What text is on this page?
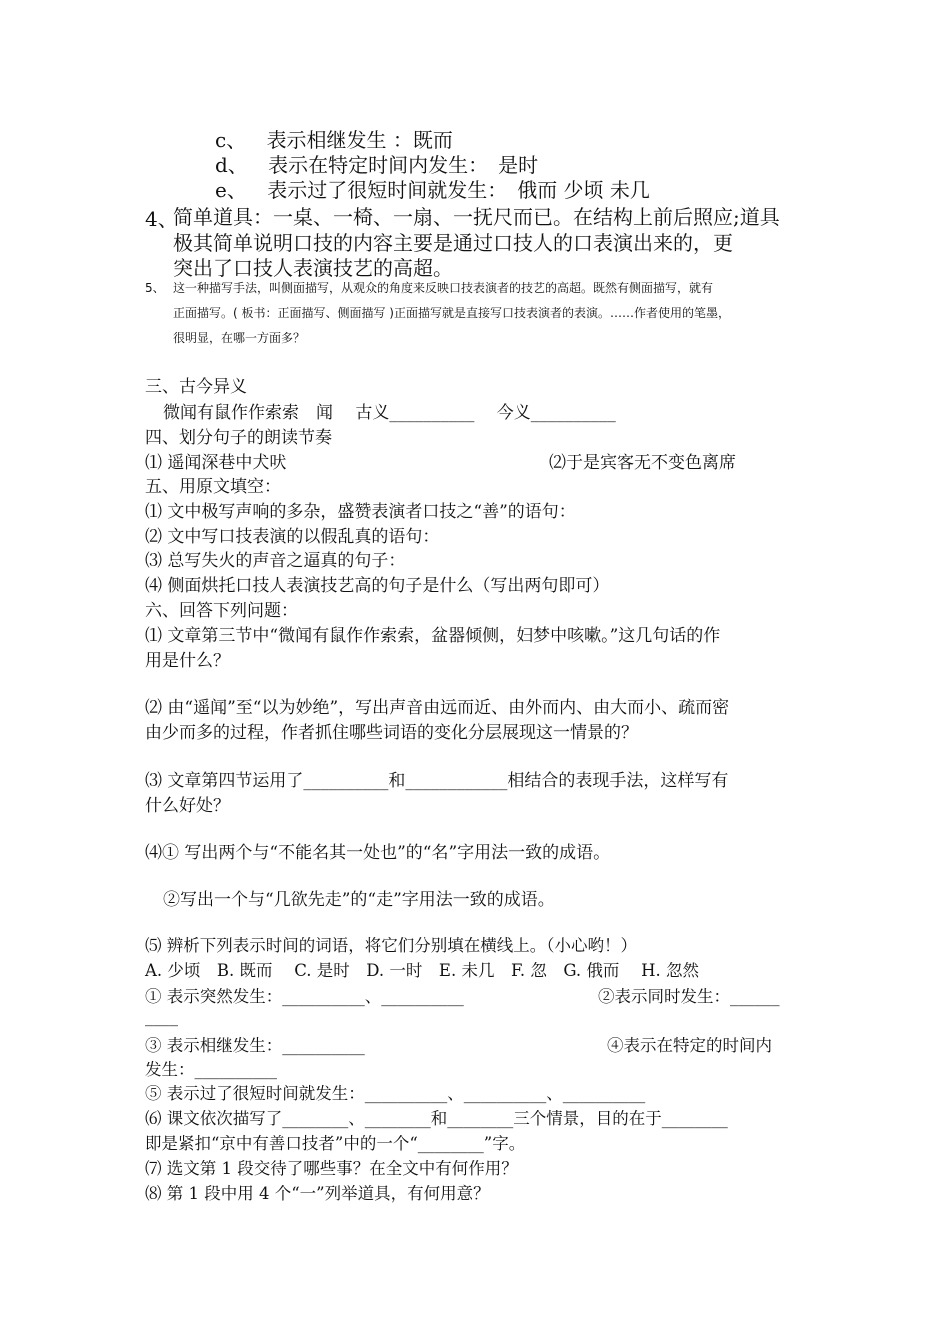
c、 表示相继发生 ：既而
d、 表示在特定时间内发生：　是时
e、 表示过了很短时间就发生：　俄而 少顷 未几
4、
简单道具：一桌、一椅、一扇、一抚尺而已。在结构上前后照应;道具
极其简单说明口技的内容主要是通过口技人的口表演出来的，更
突出了口技人表演技艺的高超。
5、 这一种描写手法，叫侧面描写，从观众的角度来反映口技表演者的技艺的高超。既然有侧面描写，就有
正面描写。( 板书：正面描写、侧面描写 )正面描写就是直接写口技表演者的表演。……作者使用的笔墨，
很明显，在哪一方面多？
三、古今异义
微闻有鼠作作索索　闻　 古义__________　 今义__________
四、划分句子的朗读节奏
⑴ 遥闻深巷中犬吠	⑵于是宾客无不变色离席
五、用原文填空：
⑴ 文中极写声响的多杂，盛赞表演者口技之“善”的语句：
⑵ 文中写口技表演的以假乱真的语句：
⑶ 总写失火的声音之逼真的句子：
⑷ 侧面烘托口技人表演技艺高的句子是什么（写出两句即可）
六、回答下列问题：
⑴ 文章第三节中“微闻有鼠作作索索，盆器倾侧，妇梦中咳嗽。”这几句话的作
用是什么？
⑵ 由“遥闻”至“以为妙绝”，写出声音由远而近、由外而内、由大而小、疏而密
由少而多的过程，作者抓住哪些词语的变化分层展现这一情景的？
⑶ 文章第四节运用了__________和____________相结合的表现手法，这样写有
什么好处？
⑷① 写出两个与“不能名其一处也”的“名”字用法一致的成语。
②写出一个与“几欲先走”的“走”字用法一致的成语。
⑸ 辨析下列表示时间的词语，将它们分别填在横线上。（小心哟！）
A. 少顷　B. 既而　 C. 是时　D. 一时　E. 未几　F. 忽　G. 俄而　 H. 忽然
① 表示突然发生：__________、__________	②表示同时发生：______
____
③ 表示相继发生：__________	④表示在特定的时间内
发生：__________
⑤ 表示过了很短时间就发生：__________、__________、__________
⑹ 课文依次描写了________、________和________三个情景，目的在于________
即是紧扣“京中有善口技者”中的一个“________”字。
⑺ 选文第 1 段交待了哪些事？在全文中有何作用？
⑻ 第 1 段中用 4 个“一”列举道具，有何用意？
